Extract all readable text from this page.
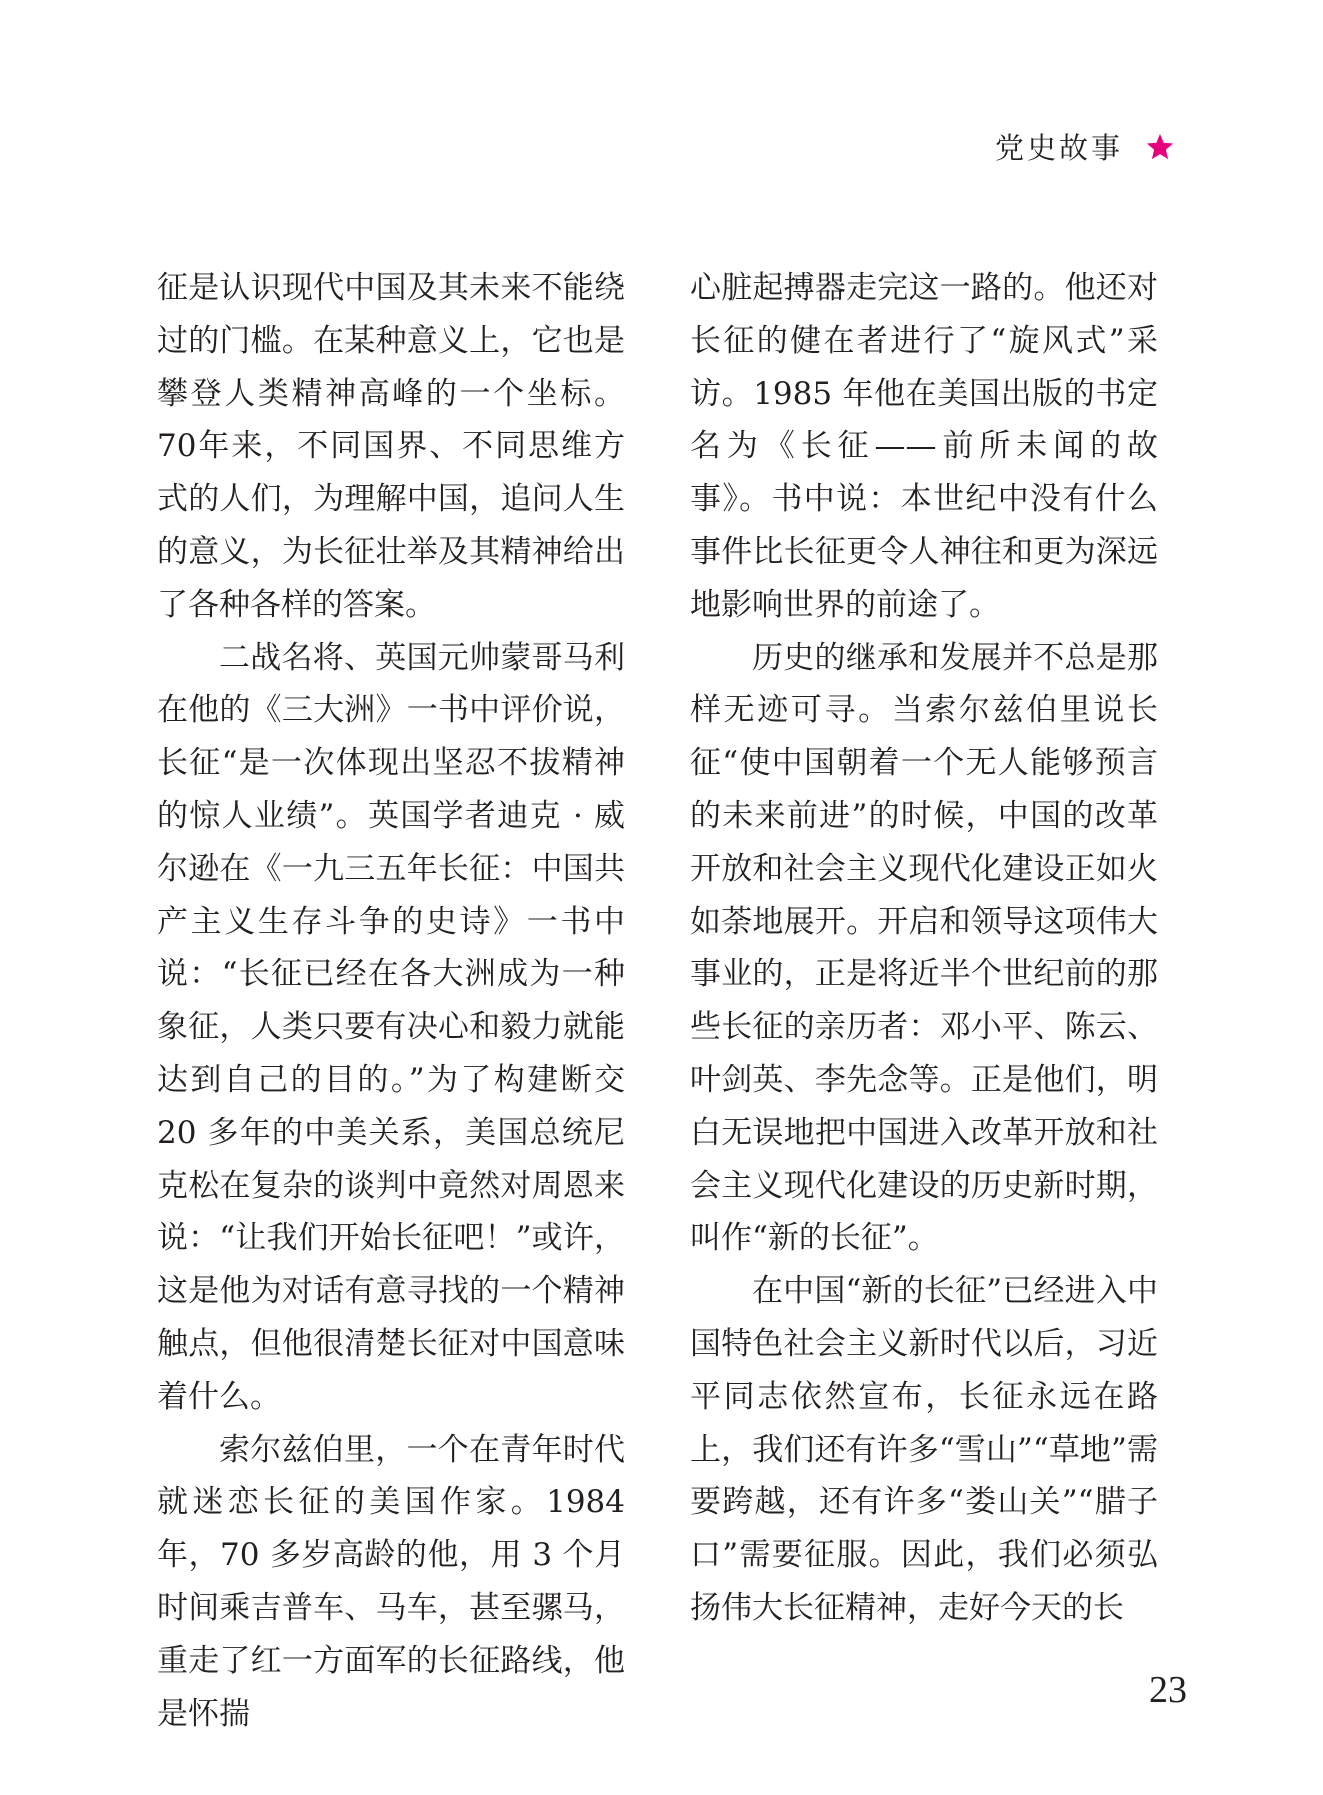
党史故事

征是认识现代中国及其未来不能绕过的门槛。在某种意义上，它也是攀登人类精神高峰的一个坐标。70年来，不同国界、不同思维方式的人们，为理解中国，追问人生的意义，为长征壮举及其精神给出了各种各样的答案。

二战名将、英国元帅蒙哥马利在他的《三大洲》一书中评价说，长征“是一次体现出坚忍不拔精神的惊人业绩”。英国学者迪克 · 威尔逊在《一九三五年长征：中国共产主义生存斗争的史诗》一书中说：“长征已经在各大洲成为一种象征，人类只要有决心和毅力就能达到自己的目的。”为了构建断交 20 多年的中美关系，美国总统尼克松在复杂的谈判中竟然对周恩来说：“让我们开始长征吧！”或许，这是他为对话有意寻找的一个精神触点，但他很清楚长征对中国意味着什么。

索尔兹伯里，一个在青年时代就迷恋长征的美国作家。1984 年，70 多岁高龄的他，用 3 个月时间乘吉普车、马车，甚至骡马，重走了红一方面军的长征路线，他是怀揣

心脏起搏器走完这一路的。他还对长征的健在者进行了“旋风式”采访。1985 年他在美国出版的书定名为《长征——前所未闻的故事》。书中说：本世纪中没有什么事件比长征更令人神往和更为深远地影响世界的前途了。

历史的继承和发展并不总是那样无迹可寻。当索尔兹伯里说长征“使中国朝着一个无人能够预言的未来前进”的时候，中国的改革开放和社会主义现代化建设正如火如荼地展开。开启和领导这项伟大事业的，正是将近半个世纪前的那些长征的亲历者：邓小平、陈云、叶剑英、李先念等。正是他们，明白无误地把中国进入改革开放和社会主义现代化建设的历史新时期，叫作“新的长征”。

在中国“新的长征”已经进入中国特色社会主义新时代以后，习近平同志依然宣布，长征永远在路上，我们还有许多“雪山”“草地”需要跨越，还有许多“娄山关”“腊子口”需要征服。因此，我们必须弘扬伟大长征精神，走好今天的长

23
